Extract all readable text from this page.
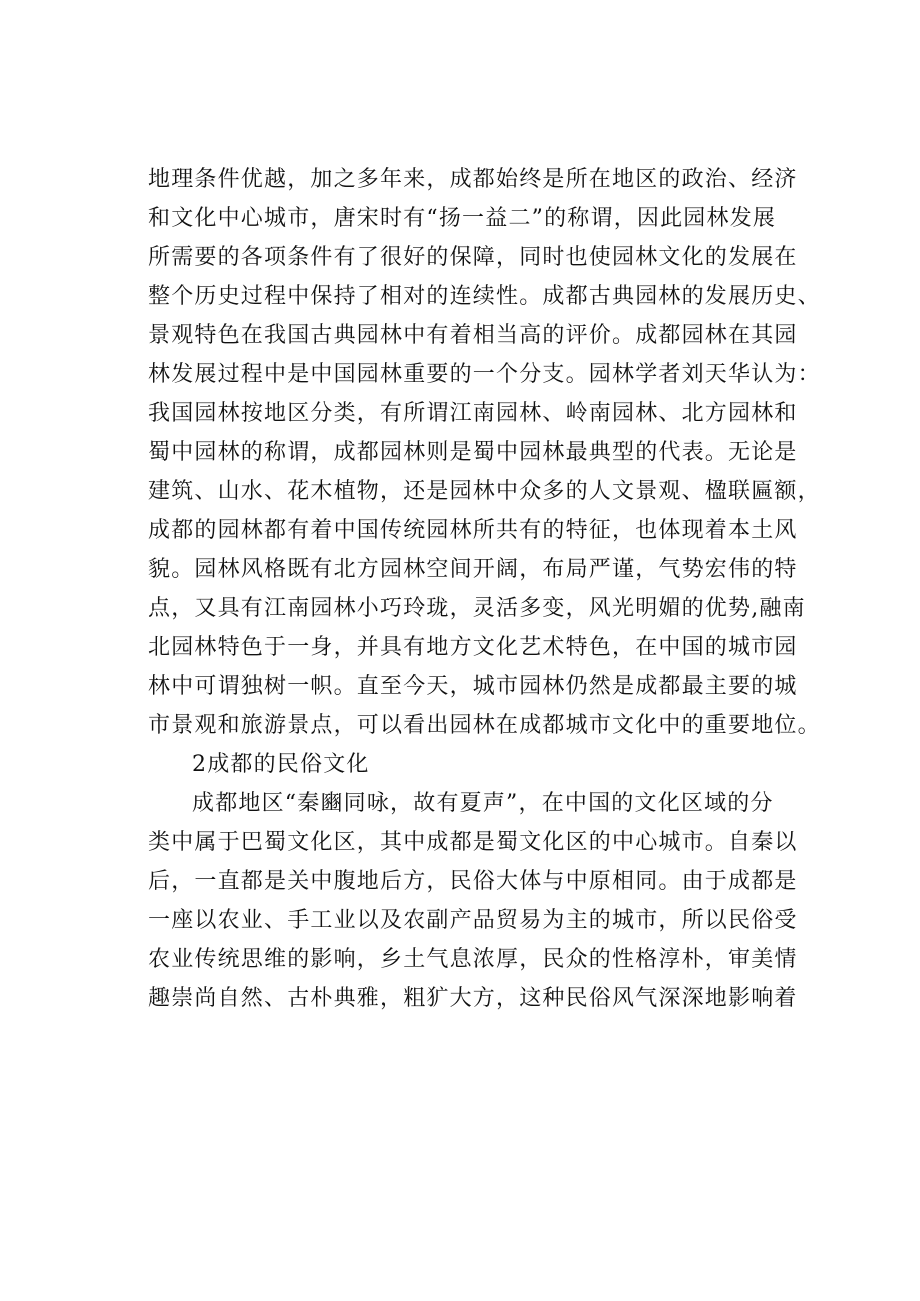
地理条件优越，加之多年来，成都始终是所在地区的政治、经济
和文化中心城市，唐宋时有“扬一益二”的称谓，因此园林发展
所需要的各项条件有了很好的保障，同时也使园林文化的发展在
整个历史过程中保持了相对的连续性。成都古典园林的发展历史、
景观特色在我国古典园林中有着相当高的评价。成都园林在其园
林发展过程中是中国园林重要的一个分支。园林学者刘天华认为：
我国园林按地区分类，有所谓江南园林、岭南园林、北方园林和
蜀中园林的称谓，成都园林则是蜀中园林最典型的代表。无论是
建筑、山水、花木植物，还是园林中众多的人文景观、楹联匾额，
成都的园林都有着中国传统园林所共有的特征，也体现着本土风
貌。园林风格既有北方园林空间开阔，布局严谨，气势宏伟的特
点，又具有江南园林小巧玲珑，灵活多变，风光明媚的优势,融南
北园林特色于一身，并具有地方文化艺术特色，在中国的城市园
林中可谓独树一帜。直至今天，城市园林仍然是成都最主要的城
市景观和旅游景点，可以看出园林在成都城市文化中的重要地位。
2成都的民俗文化
成都地区“秦豳同咏，故有夏声”，在中国的文化区域的分
类中属于巴蜀文化区，其中成都是蜀文化区的中心城市。自秦以
后，一直都是关中腹地后方，民俗大体与中原相同。由于成都是
一座以农业、手工业以及农副产品贸易为主的城市，所以民俗受
农业传统思维的影响，乡土气息浓厚，民众的性格淳朴，审美情
趣崇尚自然、古朴典雅，粗犷大方，这种民俗风气深深地影响着
